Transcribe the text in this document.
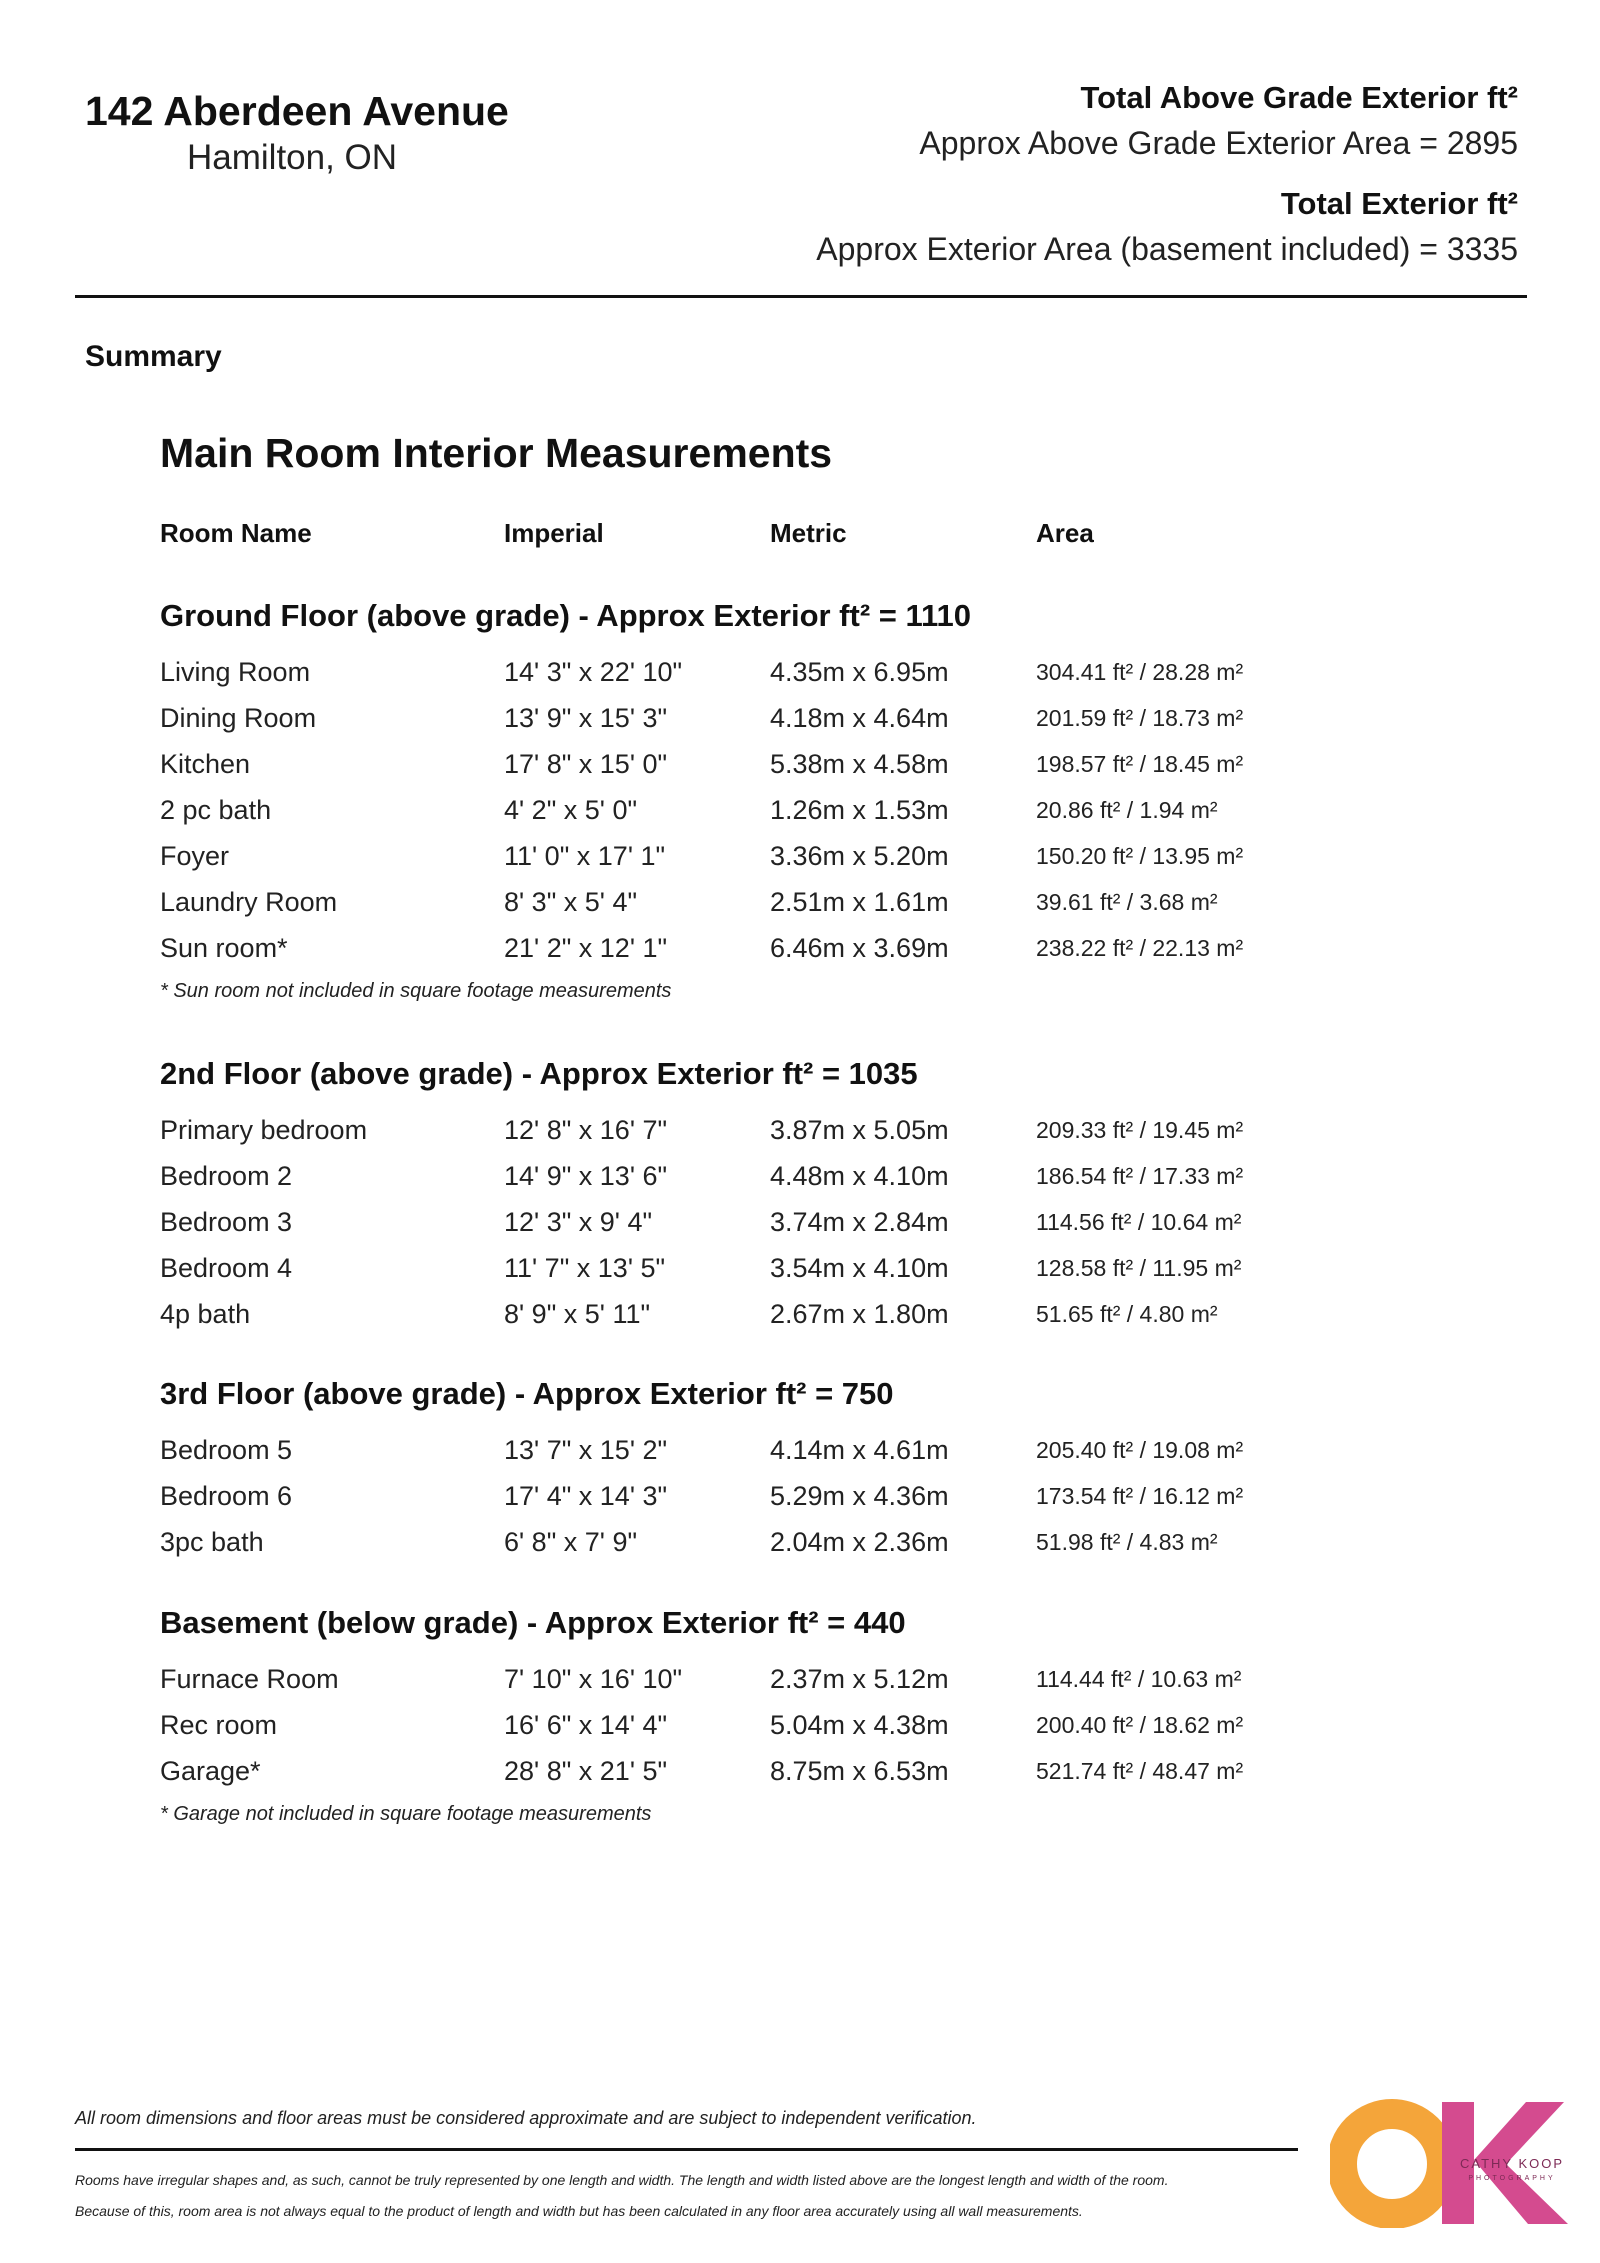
142 Aberdeen Avenue
Hamilton, ON
Total Above Grade Exterior ft²
Approx Above Grade Exterior Area = 2895
Total Exterior ft²
Approx Exterior Area (basement included) = 3335
Summary
Main Room Interior Measurements
Room Name	Imperial	Metric	Area
Ground Floor (above grade) - Approx Exterior ft² = 1110
Living Room	14' 3" x 22' 10"	4.35m x 6.95m	304.41 ft² / 28.28 m²
Dining Room	13' 9" x 15' 3"	4.18m x 4.64m	201.59 ft² / 18.73 m²
Kitchen	17' 8" x 15' 0"	5.38m x 4.58m	198.57 ft² / 18.45 m²
2 pc bath	4' 2" x 5' 0"	1.26m x 1.53m	20.86 ft² / 1.94 m²
Foyer	11' 0" x 17' 1"	3.36m x 5.20m	150.20 ft² / 13.95 m²
Laundry Room	8' 3" x 5' 4"	2.51m x 1.61m	39.61 ft² / 3.68 m²
Sun room*	21' 2" x 12' 1"	6.46m x 3.69m	238.22 ft² / 22.13 m²
* Sun room not included in square footage measurements
2nd Floor (above grade) - Approx Exterior ft² = 1035
Primary bedroom	12' 8" x 16' 7"	3.87m x 5.05m	209.33 ft² / 19.45 m²
Bedroom 2	14' 9" x 13' 6"	4.48m x 4.10m	186.54 ft² / 17.33 m²
Bedroom 3	12' 3" x 9' 4"	3.74m x 2.84m	114.56 ft² / 10.64 m²
Bedroom 4	11' 7" x 13' 5"	3.54m x 4.10m	128.58 ft² / 11.95 m²
4p bath	8' 9" x 5' 11"	2.67m x 1.80m	51.65 ft² / 4.80 m²
3rd Floor (above grade) - Approx Exterior ft² = 750
Bedroom 5	13' 7" x 15' 2"	4.14m x 4.61m	205.40 ft² / 19.08 m²
Bedroom 6	17' 4" x 14' 3"	5.29m x 4.36m	173.54 ft² / 16.12 m²
3pc bath	6' 8" x 7' 9"	2.04m x 2.36m	51.98 ft² / 4.83 m²
Basement (below grade) - Approx Exterior ft² = 440
Furnace Room	7' 10" x 16' 10"	2.37m x 5.12m	114.44 ft² / 10.63 m²
Rec room	16' 6" x 14' 4"	5.04m x 4.38m	200.40 ft² / 18.62 m²
Garage*	28' 8" x 21' 5"	8.75m x 6.53m	521.74 ft² / 48.47 m²
* Garage not included in square footage measurements
All room dimensions and floor areas must be considered approximate and are subject to independent verification.
Rooms have irregular shapes and, as such, cannot be truly represented by one length and width. The length and width listed above are the longest length and width of the room.
Because of this, room area is not always equal to the product of length and width but has been calculated in any floor area accurately using all wall measurements.
CATHY KOOP
PHOTOGRAPHY
